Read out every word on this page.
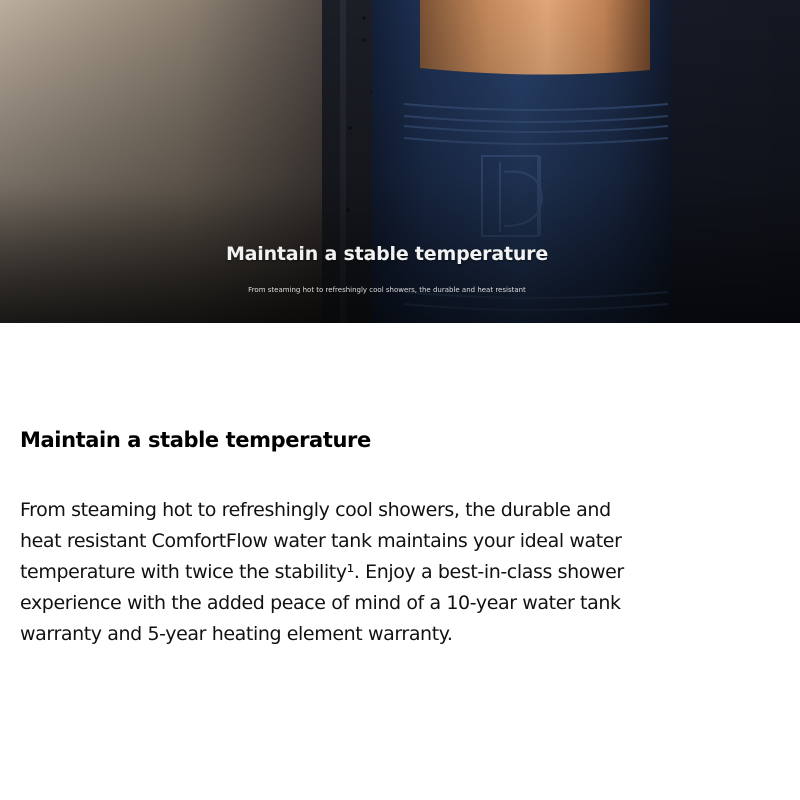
Maintain a stable temperature
From steaming hot to refreshingly cool showers, the durable and heat resistant
Maintain a stable temperature

From steaming hot to refreshingly cool showers, the durable and
heat resistant ComfortFlow water tank maintains your ideal water
temperature with twice the stability¹. Enjoy a best-in-class shower
experience with the added peace of mind of a 10-year water tank
warranty and 5-year heating element warranty.
